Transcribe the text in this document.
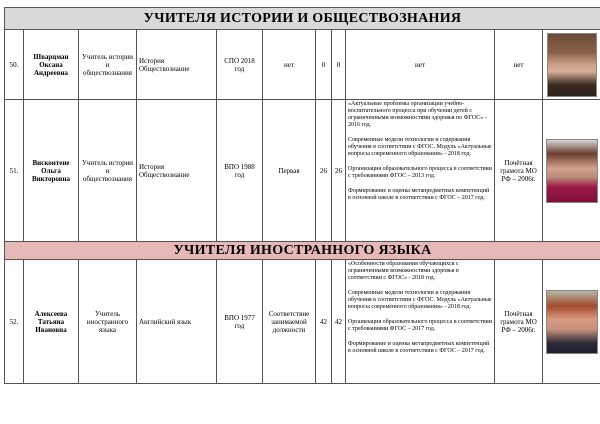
УЧИТЕЛЯ ИСТОРИИ И ОБЩЕСТВОЗНАНИЯ										
50.	Шварцман Оксана Андреевна	Учитель истории и обществознания	История Обществознание	СПО 2018 год	нет	0	0	нет	нет	

51.	Висконтене Ольга Викторовна	Учитель истории и обществознания	История Обществознание	ВПО 1988 год	Первая	26	26	«Актуальные проблемы организации учебно-воспитательного процесса при обучении детей с ограниченными возможностями здоровья по ФГОС» - 2016 год.
Современные модели технологии и содержания обучения в соответствии с ФГОС. Модуль «Актуальные вопросы современного образования» - 2018 год.
Организация образовательного процесса в соответствии с требованиями ФГОС – 2013 год.
Формирование и оценка метапредметных компетенций в основной школе в соответствии с ФГОС – 2017 год.	Почётная грамота МО РФ – 2006г.	

УЧИТЕЛЯ ИНОСТРАННОГО ЯЗЫКА										
52.	Алексеева Татьяна Ивановна	Учитель иностранного языка	Английский язык	ВПО 1977 год	Соответствие занимаемой должности	42	42	«Особенности образования обучающихся с ограниченными возможностями здоровья в соответствии с ФГОС» - 2018 год.
Современные модели технологии и содержания обучения в соответствии с ФГОС. Модуль «Актуальные вопросы современного образования» - 2018 год.
Организация образовательного процесса в соответствии с требованиями ФГОС – 2017 год.
Формирование и оценка метапредметных компетенций в основной школе в соответствии с ФГОС – 2017 год.	Почётная грамота МО РФ – 2006г.	
